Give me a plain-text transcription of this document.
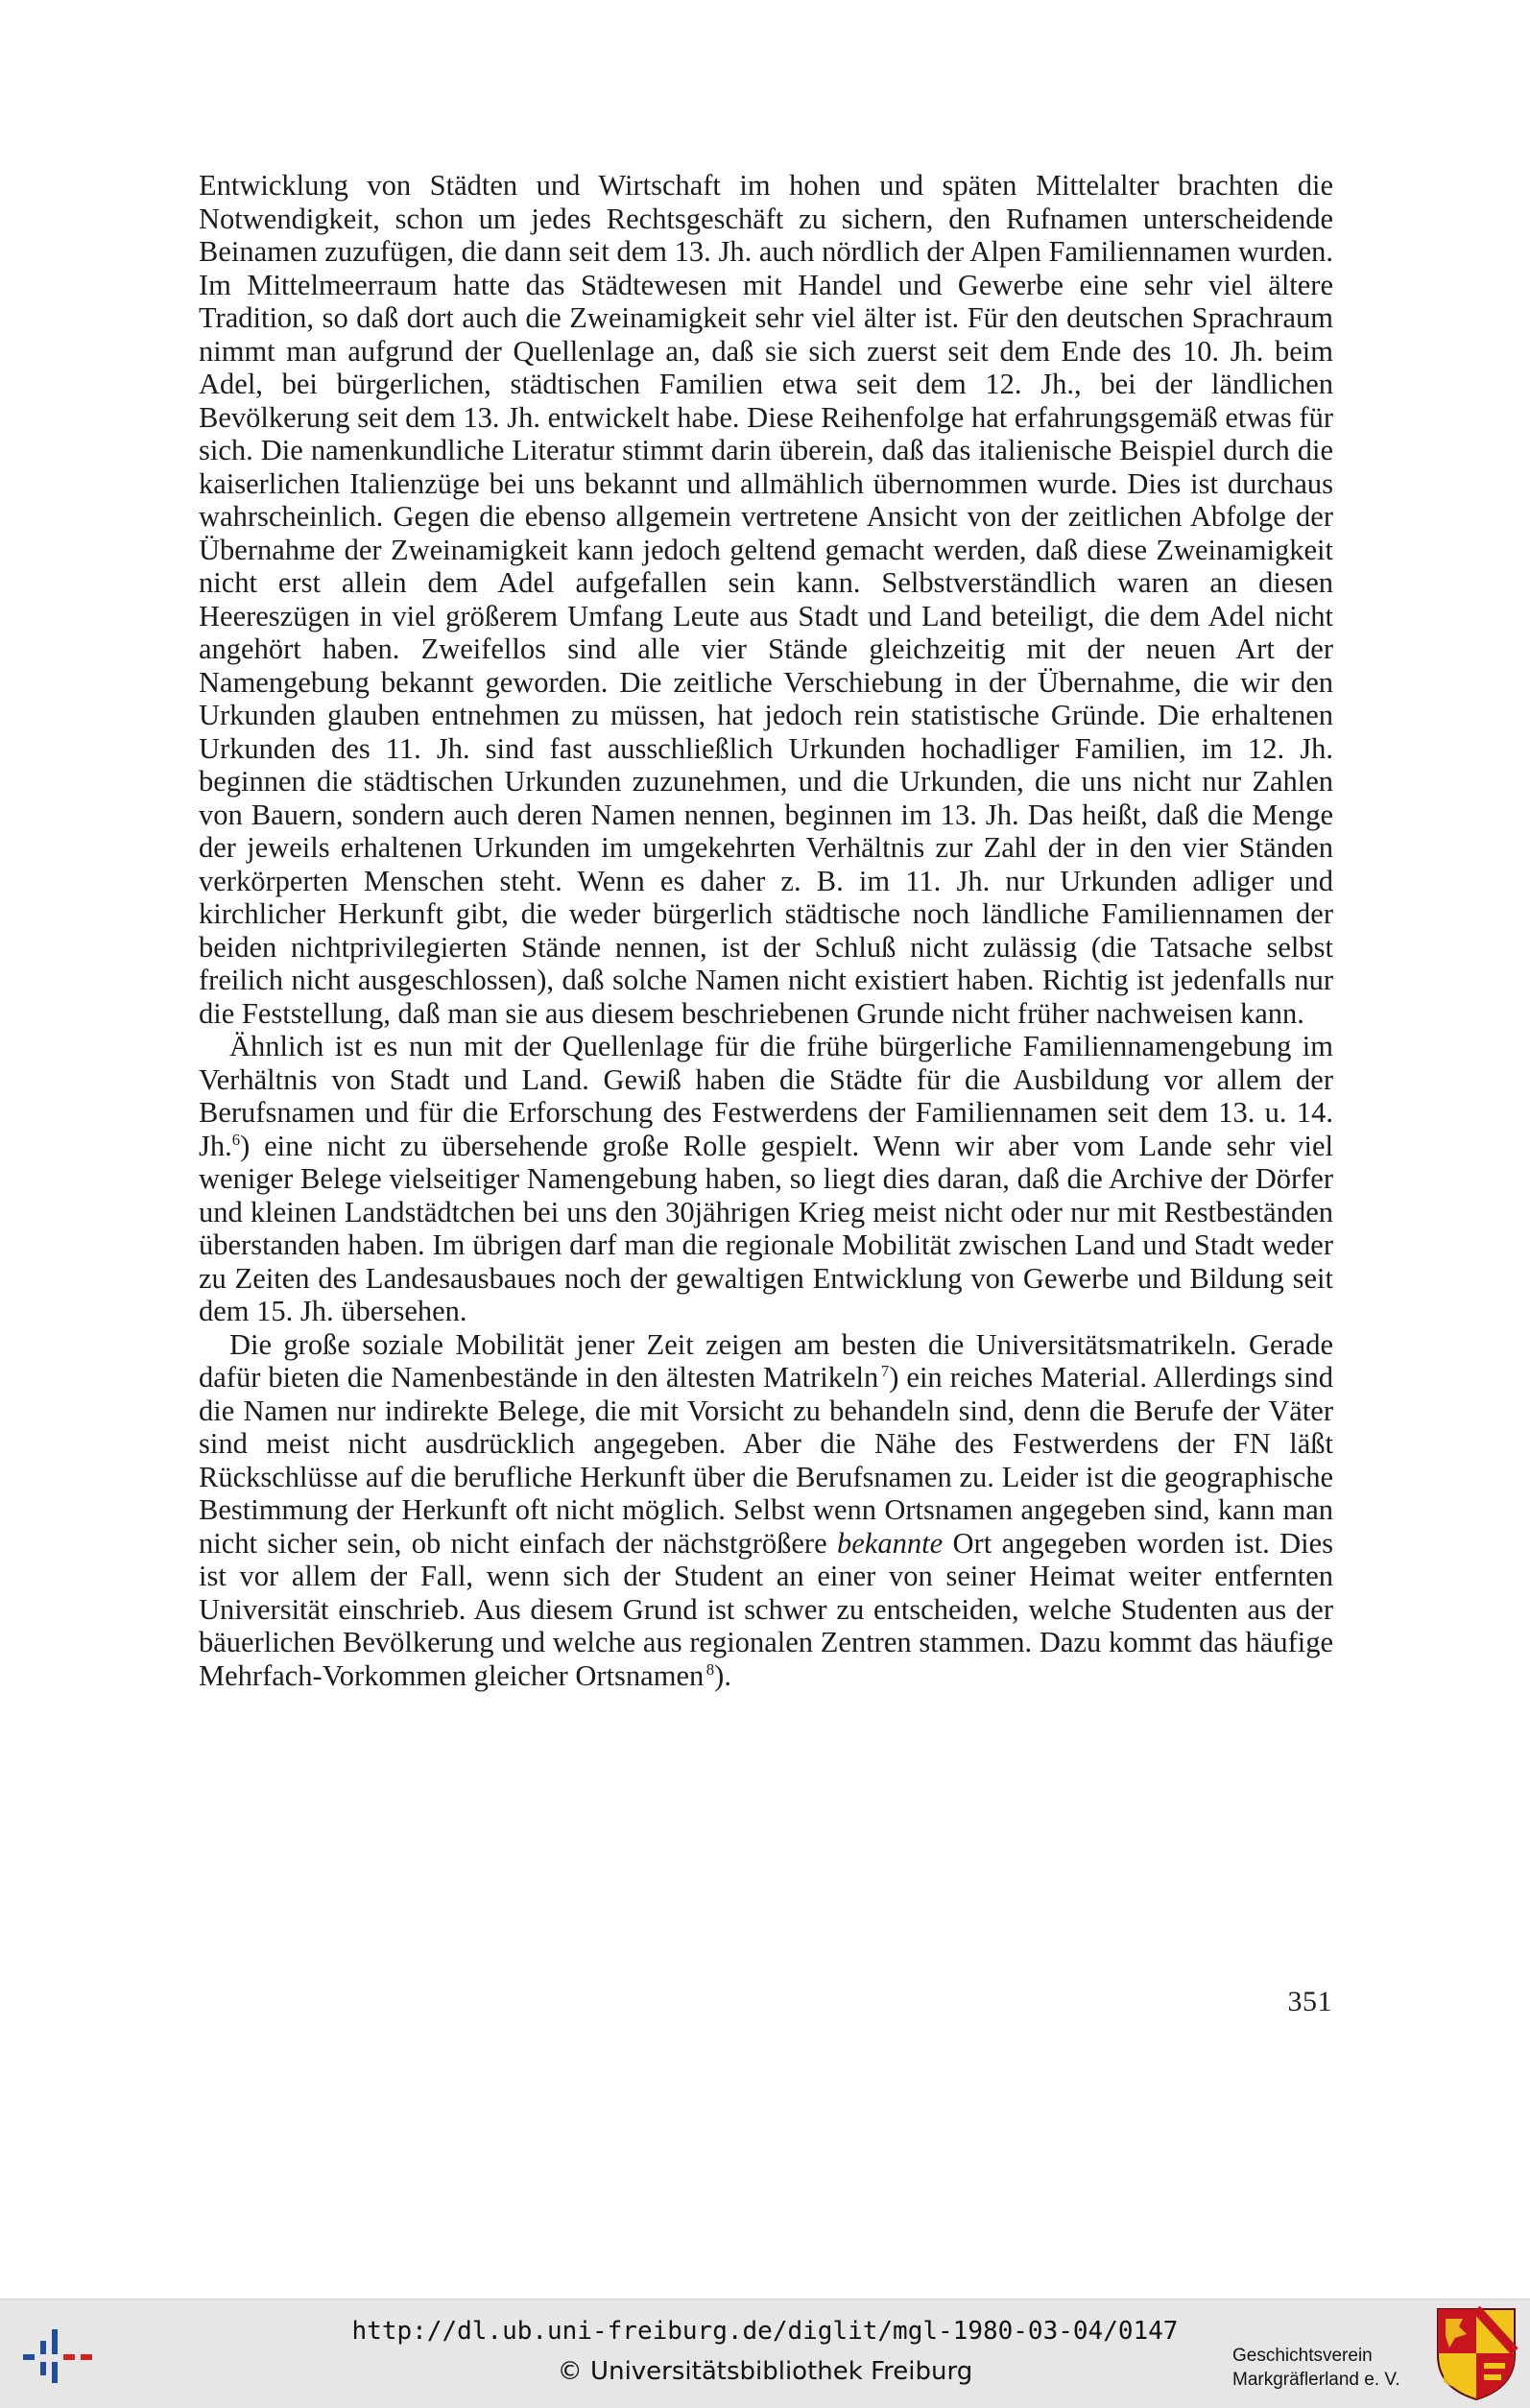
Entwicklung von Städten und Wirtschaft im hohen und späten Mittelalter brachten die Notwendigkeit, schon um jedes Rechtsgeschäft zu sichern, den Rufnamen unterscheidende Beinamen zuzufügen, die dann seit dem 13. Jh. auch nördlich der Alpen Familiennamen wurden. Im Mittelmeerraum hatte das Städtewesen mit Handel und Gewerbe eine sehr viel ältere Tradition, so daß dort auch die Zweinamigkeit sehr viel älter ist. Für den deutschen Sprachraum nimmt man aufgrund der Quellenlage an, daß sie sich zuerst seit dem Ende des 10. Jh. beim Adel, bei bürgerlichen, städtischen Familien etwa seit dem 12. Jh., bei der ländlichen Bevölkerung seit dem 13. Jh. entwickelt habe. Diese Reihenfolge hat erfahrungsgemäß etwas für sich. Die namenkundliche Literatur stimmt darin überein, daß das italienische Beispiel durch die kaiserlichen Italienzüge bei uns bekannt und allmählich übernommen wurde. Dies ist durchaus wahrscheinlich. Gegen die ebenso allgemein vertretene Ansicht von der zeitlichen Abfolge der Übernahme der Zweinamigkeit kann jedoch geltend gemacht werden, daß diese Zweinamigkeit nicht erst allein dem Adel aufgefallen sein kann. Selbstverständlich waren an diesen Heereszügen in viel größerem Umfang Leute aus Stadt und Land beteiligt, die dem Adel nicht angehört haben. Zweifellos sind alle vier Stände gleichzeitig mit der neuen Art der Namengebung bekannt geworden. Die zeitliche Verschiebung in der Übernahme, die wir den Urkunden glauben entnehmen zu müssen, hat jedoch rein statistische Gründe. Die erhaltenen Urkunden des 11. Jh. sind fast ausschließlich Urkunden hochadliger Familien, im 12. Jh. beginnen die städtischen Urkunden zuzunehmen, und die Urkunden, die uns nicht nur Zahlen von Bauern, sondern auch deren Namen nennen, beginnen im 13. Jh. Das heißt, daß die Menge der jeweils erhaltenen Urkunden im umgekehrten Verhältnis zur Zahl der in den vier Ständen verkörperten Menschen steht. Wenn es daher z. B. im 11. Jh. nur Urkunden adliger und kirchlicher Herkunft gibt, die weder bürgerlich städtische noch ländliche Familiennamen der beiden nichtprivilegierten Stände nennen, ist der Schluß nicht zulässig (die Tatsache selbst freilich nicht ausgeschlossen), daß solche Namen nicht existiert haben. Richtig ist jedenfalls nur die Feststellung, daß man sie aus diesem beschriebenen Grunde nicht früher nachweisen kann.

Ähnlich ist es nun mit der Quellenlage für die frühe bürgerliche Familiennamengebung im Verhältnis von Stadt und Land. Gewiß haben die Städte für die Ausbildung vor allem der Berufsnamen und für die Erforschung des Festwerdens der Familiennamen seit dem 13. u. 14. Jh.$^6$) eine nicht zu übersehende große Rolle gespielt. Wenn wir aber vom Lande sehr viel weniger Belege vielseitiger Namengebung haben, so liegt dies daran, daß die Archive der Dörfer und kleinen Landstädtchen bei uns den 30jährigen Krieg meist nicht oder nur mit Restbeständen überstanden haben. Im übrigen darf man die regionale Mobilität zwischen Land und Stadt weder zu Zeiten des Landesausbaues noch der gewaltigen Entwicklung von Gewerbe und Bildung seit dem 15. Jh. übersehen.

Die große soziale Mobilität jener Zeit zeigen am besten die Universitätsmatrikeln. Gerade dafür bieten die Namenbestände in den ältesten Matrikeln  $^7$) ein reiches Material. Allerdings sind die Namen nur indirekte Belege, die mit Vorsicht zu behandeln sind, denn die Berufe der Väter sind meist nicht ausdrücklich angegeben. Aber die Nähe des Festwerdens der FN läßt Rückschlüsse auf die berufliche Herkunft über die Berufsnamen zu. Leider ist die geographische Bestimmung der Herkunft oft nicht möglich. Selbst wenn Ortsnamen angegeben sind, kann man nicht sicher sein, ob nicht einfach der nächstgrößere bekannte Ort angegeben worden ist. Dies ist vor allem der Fall, wenn sich der Student an einer von seiner Heimat weiter entfernten Universität einschrieb. Aus diesem Grund ist schwer zu entscheiden, welche Studenten aus der bäuerlichen Bevölkerung und welche aus regionalen Zentren stammen. Dazu kommt das häufige Mehrfach-Vorkommen gleicher Ortsnamen  $^8$).

351
http://dl.ub.uni-freiburg.de/diglit/mgl-1980-03-04/0147
© Universitätsbibliothek Freiburg
Geschichtsverein
Markgräflerland e. V.
